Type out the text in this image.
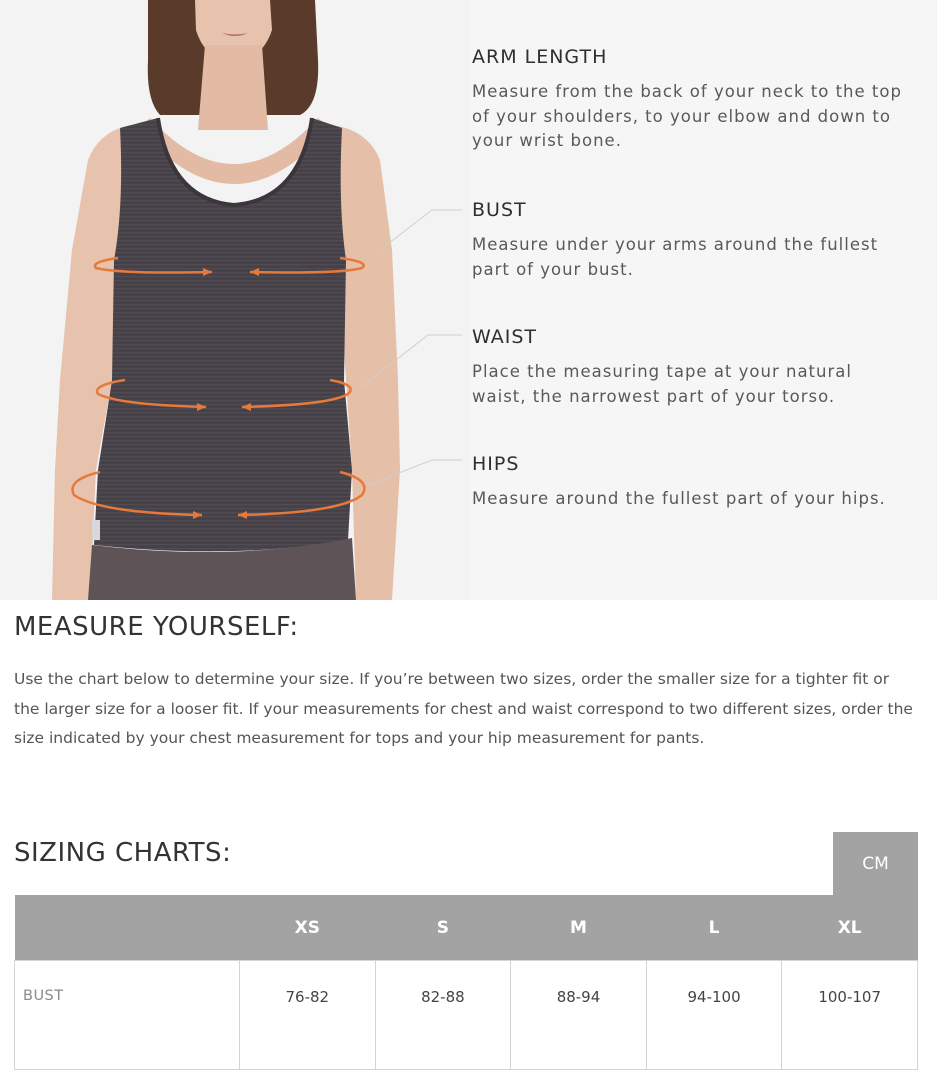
ARM LENGTH

Measure from the back of your neck to the top of your shoulders, to your elbow and down to your wrist bone.

BUST

Measure under your arms around the fullest part of your bust.

WAIST

Place the measuring tape at your natural waist, the narrowest part of your torso.

HIPS

Measure around the fullest part of your hips.

MEASURE YOURSELF:

Use the chart below to determine your size. If you’re between two sizes, order the smaller size for a tighter fit or the larger size for a looser fit. If your measurements for chest and waist correspond to two different sizes, order the size indicated by your chest measurement for tops and your hip measurement for pants.

SIZING CHARTS:	CM
	XS	S	M	L	XL
BUST	76-82	82-88	88-94	94-100	100-107
